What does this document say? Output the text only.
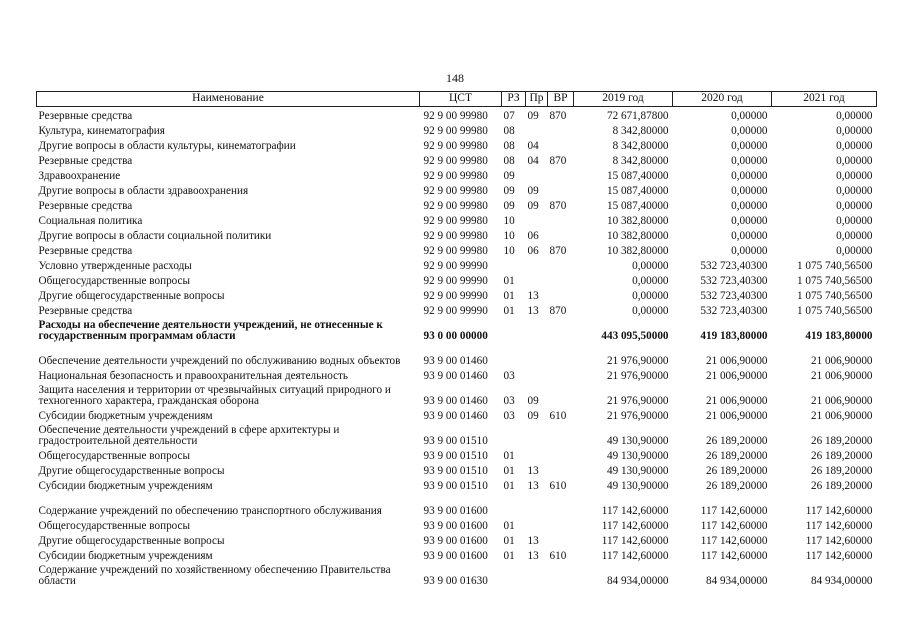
148
Наименование	ЦСТ	РЗ	Пр	ВР	2019 год	2020 год	2021 год
Резервные средства	92 9 00 99980	07	09	870	72 671,87800	0,00000	0,00000
Культура, кинематография	92 9 00 99980	08			8 342,80000	0,00000	0,00000
Другие вопросы в области культуры, кинематографии	92 9 00 99980	08	04		8 342,80000	0,00000	0,00000
Резервные средства	92 9 00 99980	08	04	870	8 342,80000	0,00000	0,00000
Здравоохранение	92 9 00 99980	09			15 087,40000	0,00000	0,00000
Другие вопросы в области здравоохранения	92 9 00 99980	09	09		15 087,40000	0,00000	0,00000
Резервные средства	92 9 00 99980	09	09	870	15 087,40000	0,00000	0,00000
Социальная политика	92 9 00 99980	10			10 382,80000	0,00000	0,00000
Другие вопросы в области социальной политики	92 9 00 99980	10	06		10 382,80000	0,00000	0,00000
Резервные средства	92 9 00 99980	10	06	870	10 382,80000	0,00000	0,00000
Условно утвержденные расходы	92 9 00 99990				0,00000	532 723,40300	1 075 740,56500
Общегосударственные вопросы	92 9 00 99990	01			0,00000	532 723,40300	1 075 740,56500
Другие общегосударственные вопросы	92 9 00 99990	01	13		0,00000	532 723,40300	1 075 740,56500
Резервные средства	92 9 00 99990	01	13	870	0,00000	532 723,40300	1 075 740,56500
Расходы на обеспечение деятельности учреждений, не отнесенные к государственным программам области	93 0 00 00000				443 095,50000	419 183,80000	419 183,80000
Обеспечение деятельности учреждений по обслуживанию водных объектов	93 9 00 01460				21 976,90000	21 006,90000	21 006,90000
Национальная безопасность и правоохранительная деятельность	93 9 00 01460	03			21 976,90000	21 006,90000	21 006,90000
Защита населения и территории от чрезвычайных ситуаций природного и техногенного характера, гражданская оборона	93 9 00 01460	03	09		21 976,90000	21 006,90000	21 006,90000
Субсидии бюджетным учреждениям	93 9 00 01460	03	09	610	21 976,90000	21 006,90000	21 006,90000
Обеспечение деятельности учреждений в сфере архитектуры и градостроительной деятельности	93 9 00 01510				49 130,90000	26 189,20000	26 189,20000
Общегосударственные вопросы	93 9 00 01510	01			49 130,90000	26 189,20000	26 189,20000
Другие общегосударственные вопросы	93 9 00 01510	01	13		49 130,90000	26 189,20000	26 189,20000
Субсидии бюджетным учреждениям	93 9 00 01510	01	13	610	49 130,90000	26 189,20000	26 189,20000
Содержание учреждений по обеспечению транспортного обслуживания	93 9 00 01600				117 142,60000	117 142,60000	117 142,60000
Общегосударственные вопросы	93 9 00 01600	01			117 142,60000	117 142,60000	117 142,60000
Другие общегосударственные вопросы	93 9 00 01600	01	13		117 142,60000	117 142,60000	117 142,60000
Субсидии бюджетным учреждениям	93 9 00 01600	01	13	610	117 142,60000	117 142,60000	117 142,60000
Содержание учреждений по хозяйственному обеспечению Правительства области	93 9 00 01630				84 934,00000	84 934,00000	84 934,00000
